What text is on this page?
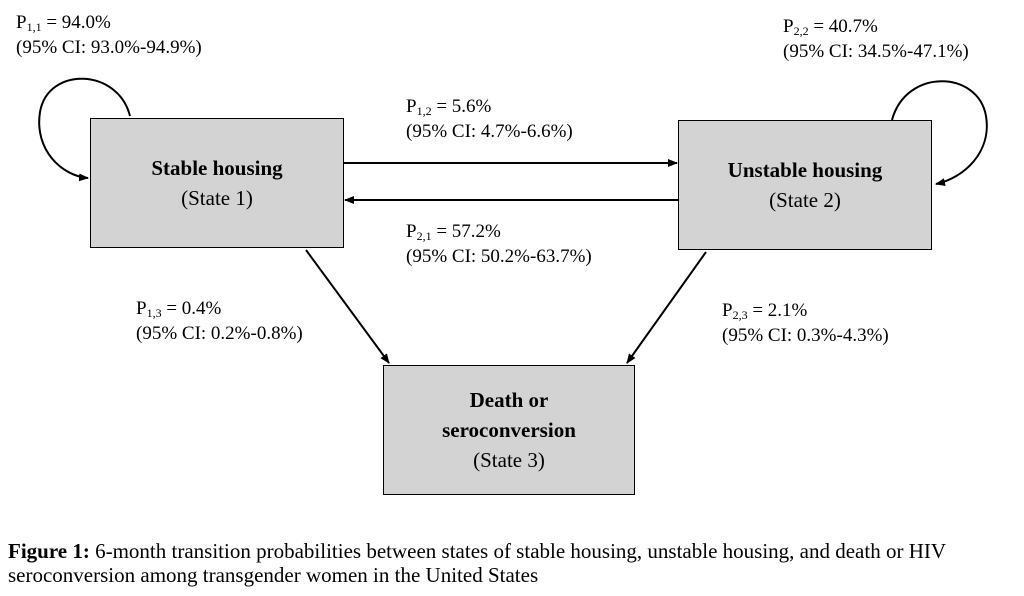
Stable housing
(State 1)
Unstable housing
(State 2)
Death or
seroconversion
(State 3)
$P_{1,1} = 94.0\%$
(95% CI: 93.0%-94.9%)
$P_{2,2} = 40.7\%$
(95% CI: 34.5%-47.1%)
$P_{1,2} = 5.6\%$
(95% CI: 4.7%-6.6%)
$P_{2,1} = 57.2\%$
(95% CI: 50.2%-63.7%)
$P_{1,3} = 0.4\%$
(95% CI: 0.2%-0.8%)
$P_{2,3} = 2.1\%$
(95% CI: 0.3%-4.3%)
Figure 1: 6-month transition probabilities between states of stable housing, unstable housing, and death or HIV seroconversion among transgender women in the United States
